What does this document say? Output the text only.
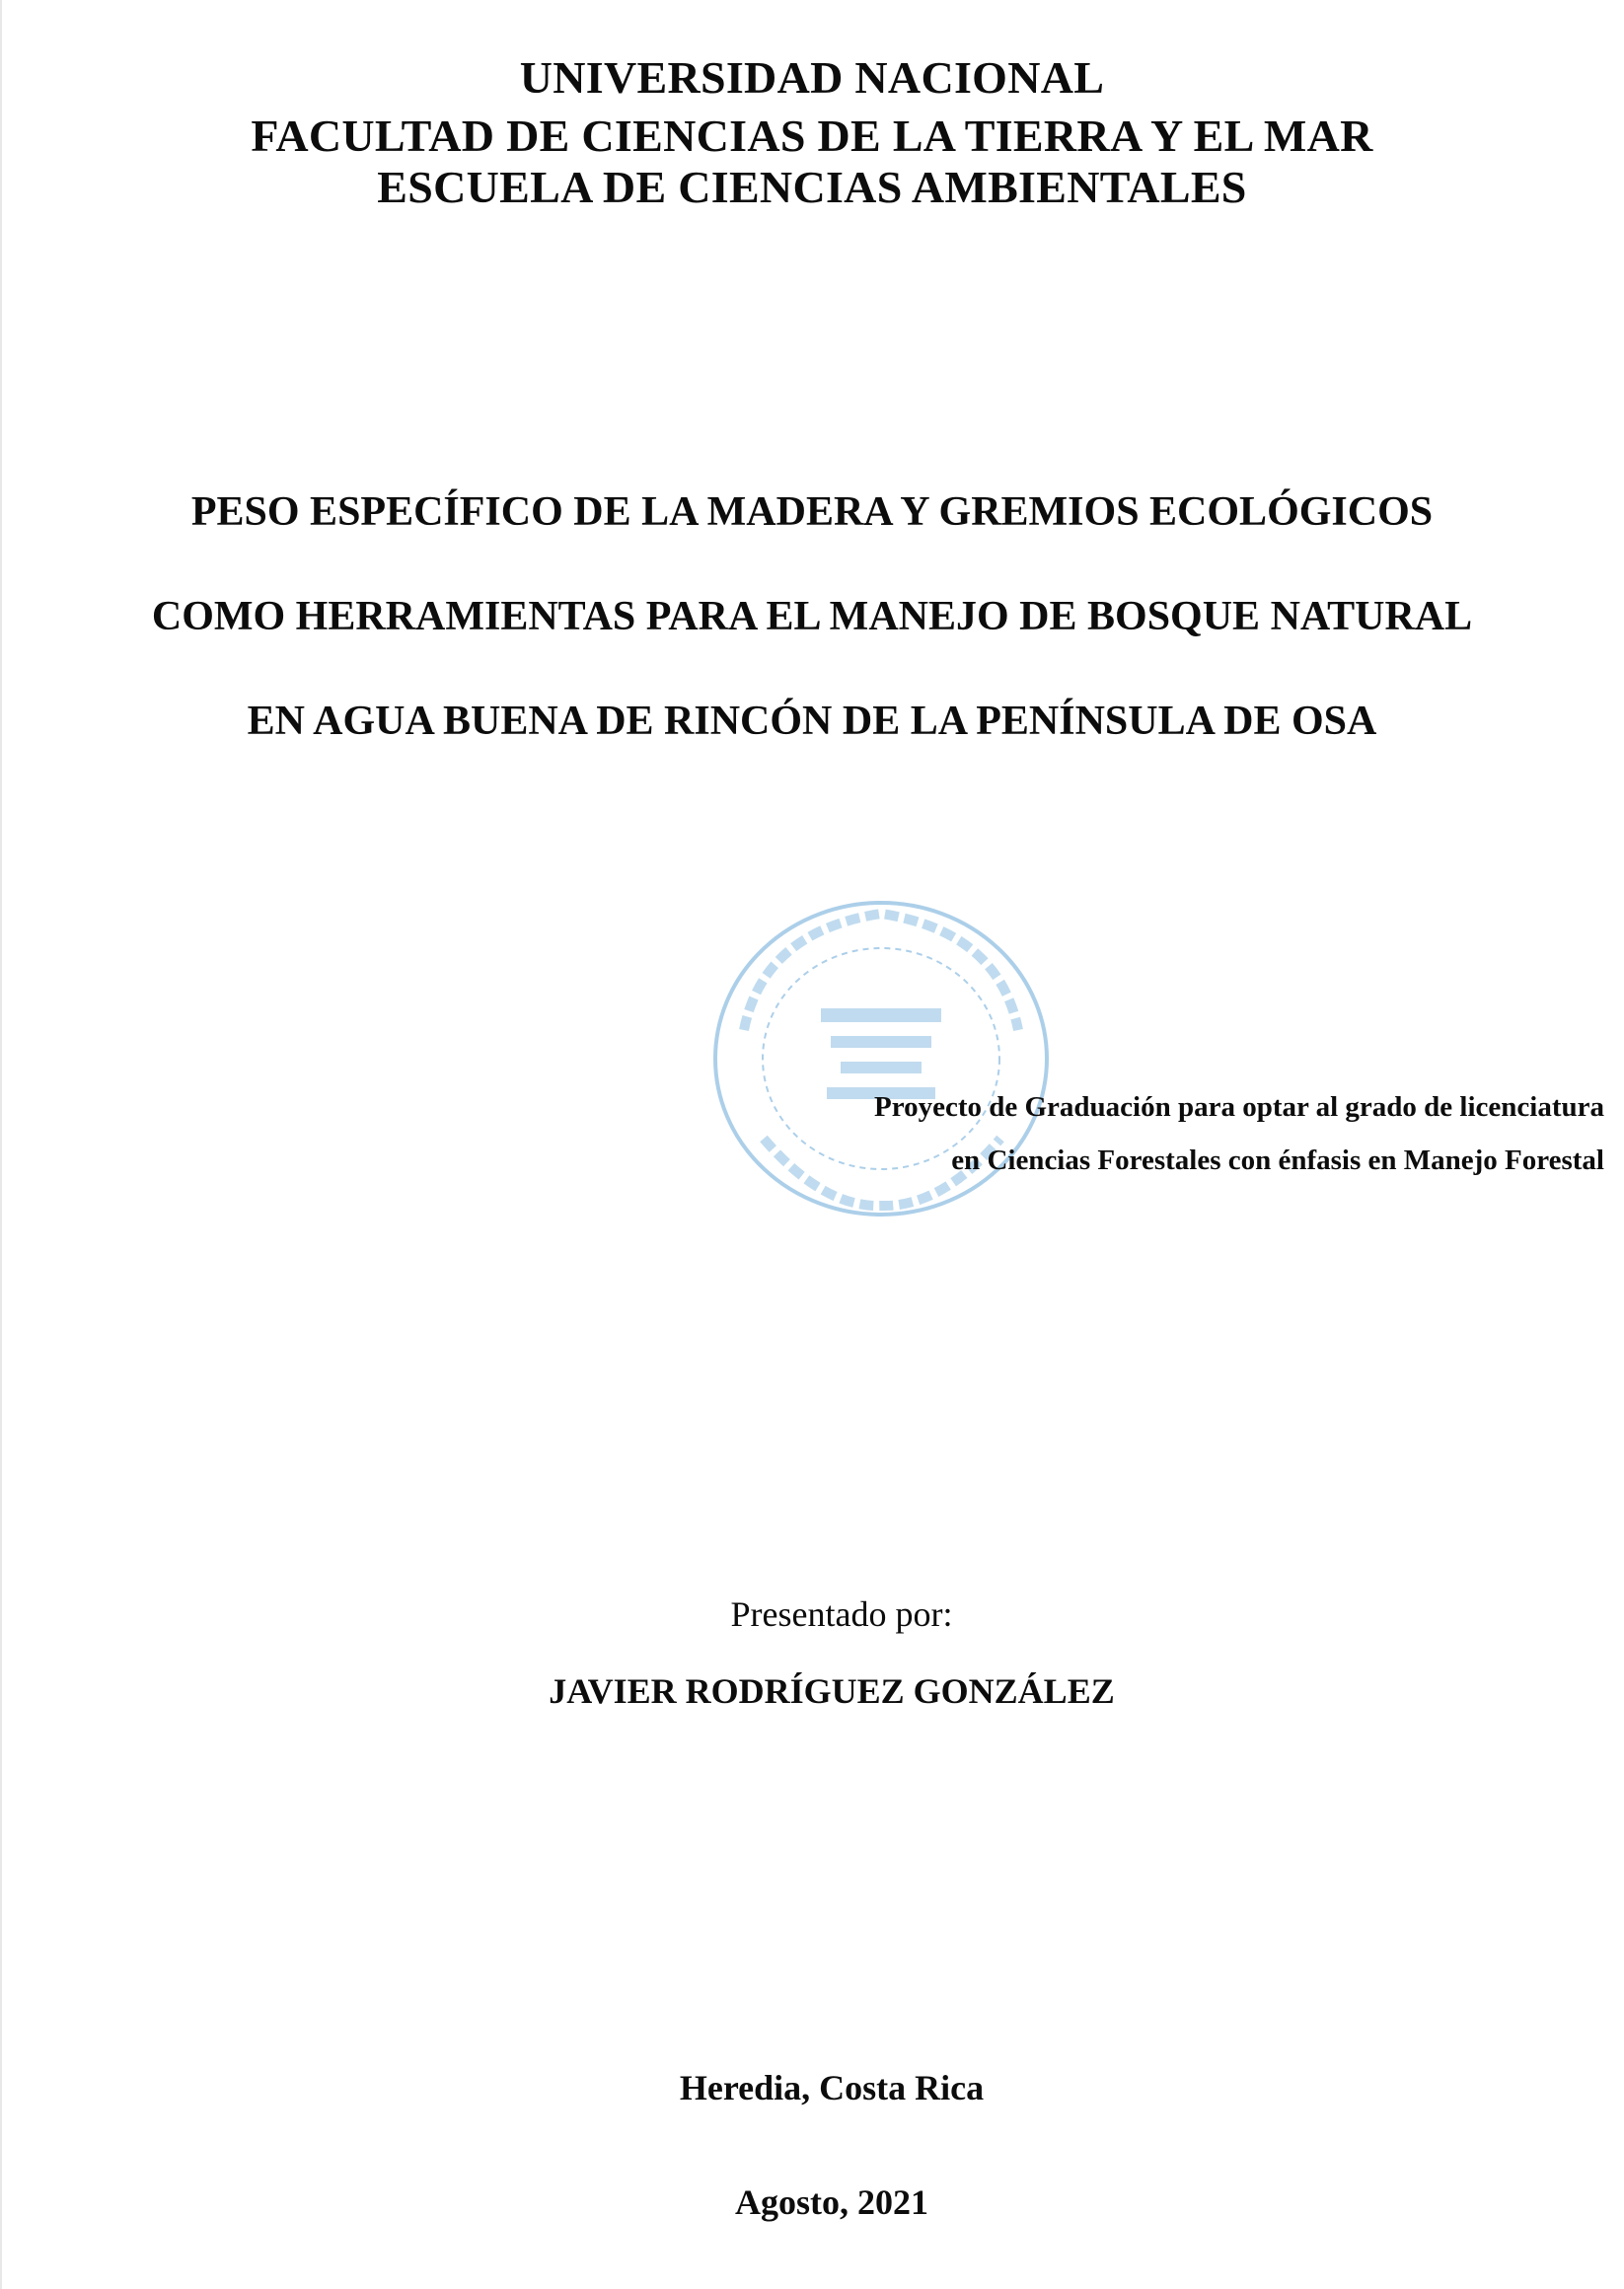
UNIVERSIDAD NACIONAL
FACULTAD DE CIENCIAS DE LA TIERRA Y EL MAR
ESCUELA DE CIENCIAS AMBIENTALES
PESO ESPECÍFICO DE LA MADERA Y GREMIOS ECOLÓGICOS
COMO HERRAMIENTAS PARA EL MANEJO DE BOSQUE NATURAL
EN AGUA BUENA DE RINCÓN DE LA PENÍNSULA DE OSA
Proyecto de Graduación para optar al grado de licenciatura
en Ciencias Forestales con énfasis en Manejo Forestal
Presentado por:
JAVIER RODRÍGUEZ GONZÁLEZ
Heredia, Costa Rica
Agosto, 2021
